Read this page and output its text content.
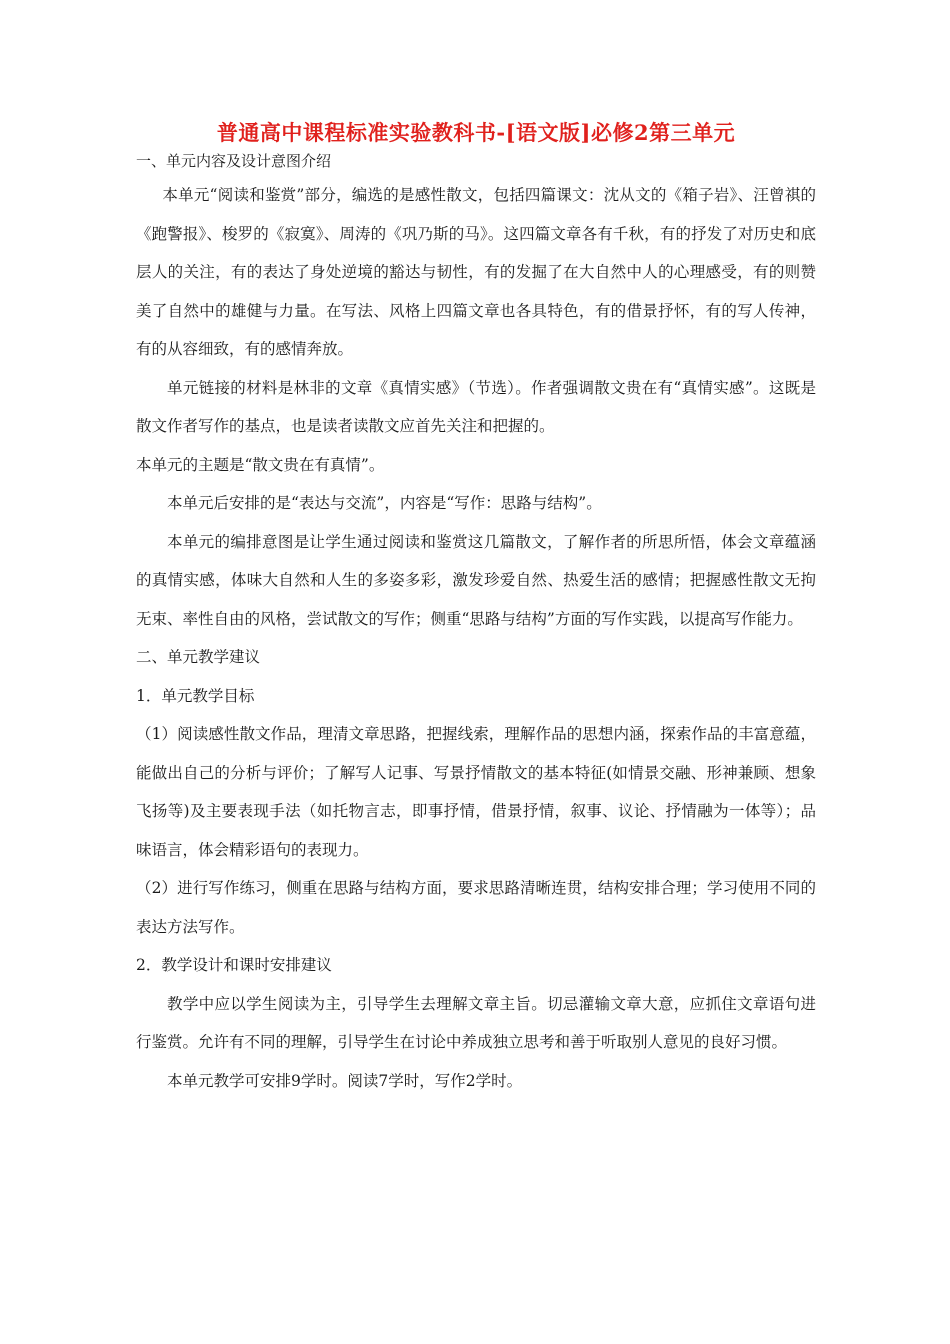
普通高中课程标准实验教科书-[语文版]必修2第三单元
一、单元内容及设计意图介绍

本单元“阅读和鉴赏”部分，编选的是感性散文，包括四篇课文：沈从文的《箱子岩》、汪曾祺的《跑警报》、梭罗的《寂寞》、周涛的《巩乃斯的马》。这四篇文章各有千秋，有的抒发了对历史和底层人的关注，有的表达了身处逆境的豁达与韧性，有的发掘了在大自然中人的心理感受，有的则赞美了自然中的雄健与力量。在写法、风格上四篇文章也各具特色，有的借景抒怀，有的写人传神，有的从容细致，有的感情奔放。

单元链接的材料是林非的文章《真情实感》（节选）。作者强调散文贵在有“真情实感”。这既是散文作者写作的基点，也是读者读散文应首先关注和把握的。

本单元的主题是“散文贵在有真情”。

本单元后安排的是“表达与交流”，内容是“写作：思路与结构”。

本单元的编排意图是让学生通过阅读和鉴赏这几篇散文，了解作者的所思所悟，体会文章蕴涵的真情实感，体味大自然和人生的多姿多彩，激发珍爱自然、热爱生活的感情；把握感性散文无拘无束、率性自由的风格，尝试散文的写作；侧重“思路与结构”方面的写作实践，以提高写作能力。

二、单元教学建议
1．单元教学目标

（1）阅读感性散文作品，理清文章思路，把握线索，理解作品的思想内涵，探索作品的丰富意蕴，能做出自己的分析与评价；了解写人记事、写景抒情散文的基本特征(如情景交融、形神兼顾、想象飞扬等)及主要表现手法（如托物言志，即事抒情，借景抒情，叙事、议论、抒情融为一体等）；品味语言，体会精彩语句的表现力。

（2）进行写作练习，侧重在思路与结构方面，要求思路清晰连贯，结构安排合理；学习使用不同的表达方法写作。

2．教学设计和课时安排建议

教学中应以学生阅读为主，引导学生去理解文章主旨。切忌灌输文章大意，应抓住文章语句进行鉴赏。允许有不同的理解，引导学生在讨论中养成独立思考和善于听取别人意见的良好习惯。

本单元教学可安排9学时。阅读7学时，写作2学时。
